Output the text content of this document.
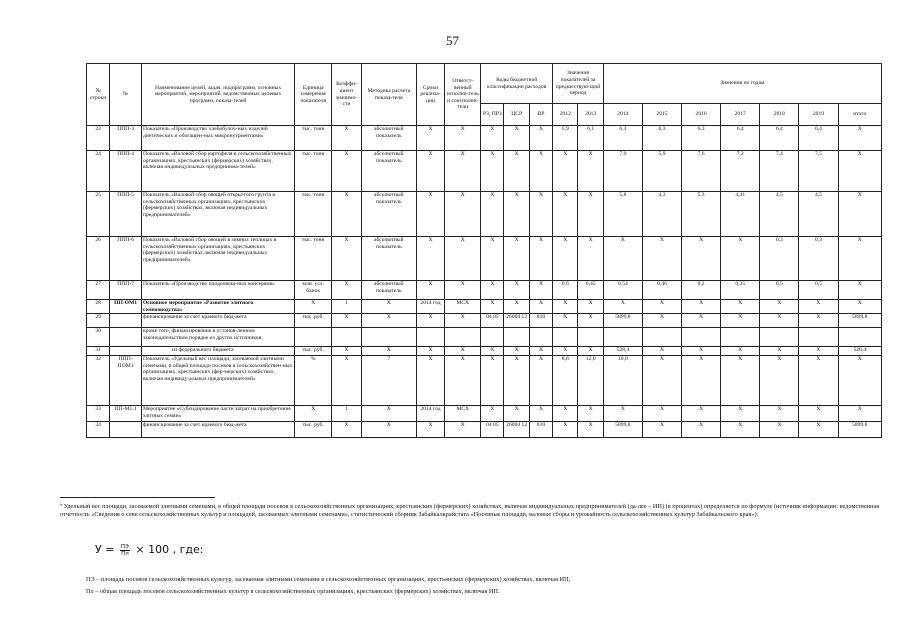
57
№ строки	№	Наименование целей, задач, подпрограмм, основных мероприятий, мероприятий, ведомственных целевых программ, показа-телей	Единица измерения показателя	Коэффи-циент значимо-сти	Методика расчета показа-теля	Сроки реализа-ции	Ответст-венный исполни-тель и соисполни-тели	Коды бюджетной классификации расходов			Значения показателей за предшествую-щий период		Значения по годам						
								РЗ, ПРЗ	ЦСР	ВР	2012	2013	2014	2015	2016	2017	2018	2019	итого
23	ППП-3	Показатель «Производство хлебобулоч-ных изделий диетических и обогащен-ных микронутриентами»	тыс. тонн	X	абсолютный показатель	X	X	X	X	X	5,9	6,1	6,3	6,3	6,3	6,4	6,4	6,4	X
24	ППП-4	Показатель «Валовой сбор картофеля в сельскохозяйственных организациях, крестьянских (фермерских) хозяйствах, включая индивидуальных предпринима-телей»	тыс. тонн	X	абсолютный показатель	X	X	X	X	X	X	X	7,0	5,9	7,6	7,2	7,4	7,5	X
25	ППП-5	Показатель «Валовой сбор овощей откры-того грунта в сельскохозяйственных организациях, крестьянских (фермерских) хозяйствах, включая индивидуальных предпринимателей»	тыс. тонн	X	абсолютный показатель	X	X	X	X	X	X	X	5,8	4,3	5,3	4,41	4,5	4,5	X
26	ППП-6	Показатель «Валовой сбор овощей в зимних теплицах в сельскохозяйственных организациях, крестьянских (фермерских) хозяйствах, включая индивидуальных предпринимателей»	тыс. тонн	X	абсолютный показатель	X	X	X	X	X	X	X	X	X	X	X	0,3	0,3	X
27	ППП-7	Показатель «Производство плодоовощ-ных консервов»	млн. усл. банок	X	абсолютный показатель	X	X	X	X	X	0,6	0,45	0,54	0,46	0,2	0,35	0,5	0,5	X
28	ПП-ОМ1	Основное мероприятие «Развитие элитного семеноводства»	X	1	X	2014 год	МСХ	X	X	X	X	X	X	X	X	X	X	X	X
29		финансирование за счет краевого бюд-жета	тыс. руб.	X	X	X	X	04 05	26004 12	810	X	X	5899,8	X	X	X	X	X	5899,8
30		кроме того, финансирование в установ-ленном законодательством порядке из других источников:																	
31		из федерального бюджета	тыс. руб.	X	X	X	X	X	X	X	X	X	528,4	X	X	X	X	X	528,4
32	ППП-ПОМ1	Показатель «Удельный вес площади, засеваемой элитными семенами, в общей площади посевов в сельскохозяйствен-ных организациях, крестьянских (фер-мерских) хозяйствах, включая индивиду-альных предпринимателей»	%	X	7	X	X	X	X	X	8,6	12,0	10,0	X	X	X	X	X	X
33	ПП-М1.1	Мероприятие «Субсидирование части затрат на приобретение элитных семян»	X	1	X	2014 год	МСХ	X	X	X	X	X	X	X	X	X	X	X	X
34		финансирование за счет краевого бюд-жета	тыс. руб.	X	X	X	X	04 05	26004 12	810	X	X	5899,8	X	X	X	X	X	5899,8
⁷ Удельный вес площади, засеваемой элитными семенами, в общей площади посевов в сельскохозяйственных организациях, крестьянских (фермерских) хозяйствах, включая индивидуальных предпринимателей (да-лее – ИП) (в процентах) определяется по формуле (источник информации: ведомственная отчетность «Сведения о севе сельскохозяйственных культур и площадей, засеваемых элитными семенами», статистический сборник Забайкалкрайстата «Посевные площади, валовые сборы и урожайность сельскохозяйственных культур Забайкальского края»):
$У = \frac{ПЭ}{Пл} \times 100$ , где:
ПЭ – площадь посевов сельскохозяйственных культур, засеваемая элитными семенами в сельскохозяйственных организациях, крестьянских (фермерских) хозяйствах, включая ИП,
Пл – общая площадь посевов сельскохозяйственных культур в сельскохозяйственных организациях, крестьянских (фермерских) хозяйствах, включая ИП.
